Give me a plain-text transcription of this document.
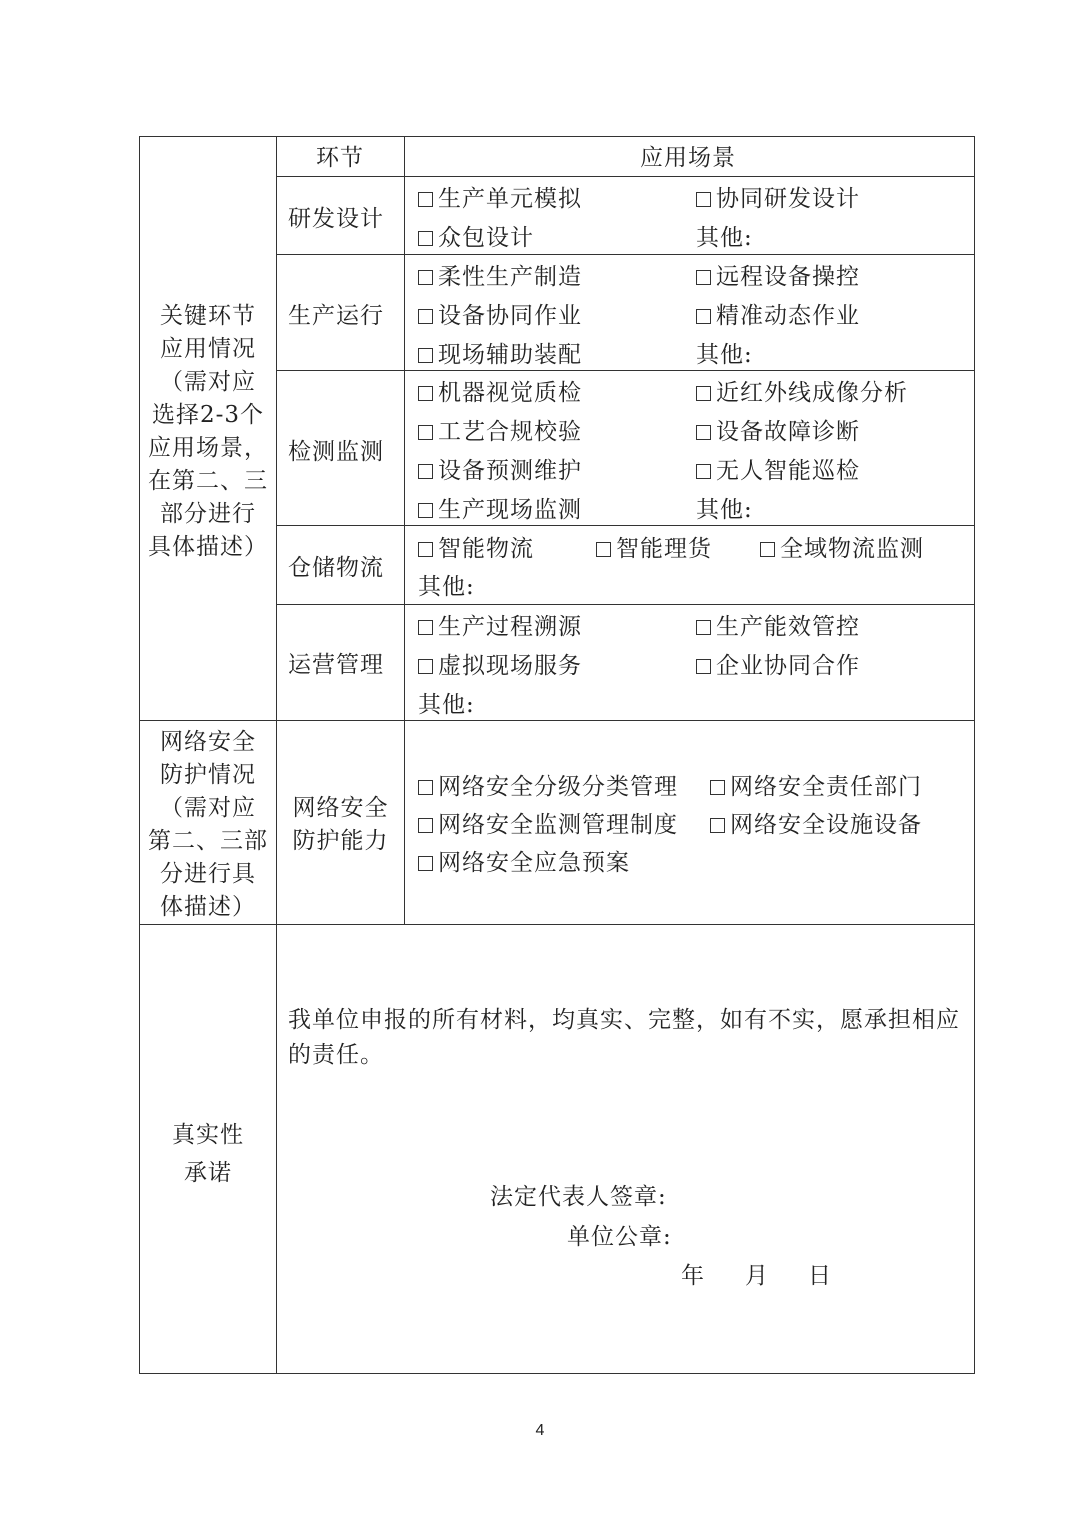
环节	应用场景
关键环节
应用情况
（需对应
选择2-3个
应用场景，
在第二、三
部分进行
具体描述）
研发设计
生产单元模拟	协同研发设计
众包设计	其他:
生产运行
柔性生产制造	远程设备操控
设备协同作业	精准动态作业
现场辅助装配	其他:
检测监测
机器视觉质检	近红外线成像分析
工艺合规校验	设备故障诊断
设备预测维护	无人智能巡检
生产现场监测	其他:
仓储物流
智能物流	智能理货	全域物流监测
其他:
运营管理
生产过程溯源	生产能效管控
虚拟现场服务	企业协同合作
其他:
网络安全
防护情况
（需对应
第二、三部
分进行具
体描述）
网络安全
防护能力
网络安全分级分类管理	网络安全责任部门
网络安全监测管理制度	网络安全设施设备
网络安全应急预案
真实性
承诺
我单位申报的所有材料，均真实、完整，如有不实，愿承担相应的责任。
法定代表人签章:
单位公章:
年 月 日
4
